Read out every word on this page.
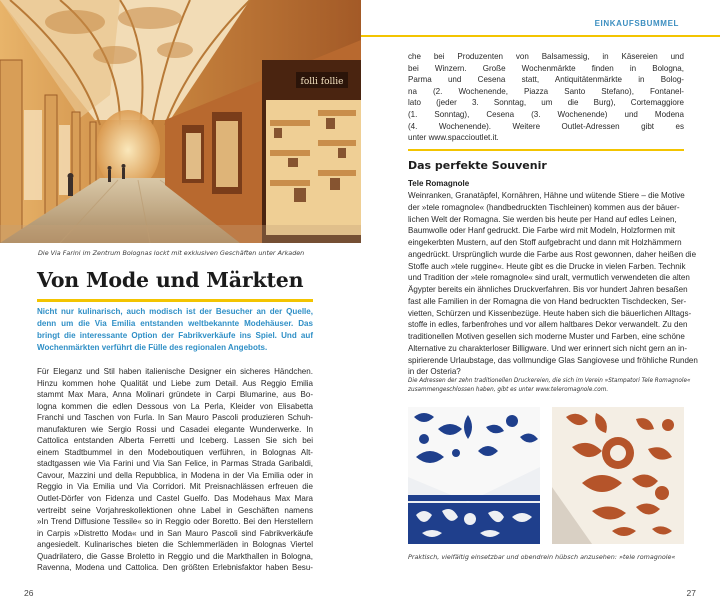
folli follie
Die Via Farini im Zentrum Bolognas lockt mit exklusiven Geschäften unter Arkaden
Von Mode und Märkten
Nicht nur kulinarisch, auch modisch ist der Besucher an der Quelle,
denn um die Via Emilia entstanden weltbekannte Modehäuser. Das
bringt die interessante Option der Fabrikverkäufe ins Spiel. Und auf
Wochenmärkten verführt die Fülle des regionalen Angebots.
Für Eleganz und Stil haben italienische Designer ein sicheres Händchen.
Hinzu kommen hohe Qualität und Liebe zum Detail. Aus Reggio Emilia
stammt Max Mara, Anna Molinari gründete in Carpi Blumarine, aus Bo-
logna kommen die edlen Dessous von La Perla, Kleider von Elisabetta
Franchi und Taschen von Furla. In San Mauro Pascoli produzieren Schuh-
manufakturen wie Sergio Rossi und Casadei elegante Wunderwerke. In
Cattolica entstanden Alberta Ferretti und Iceberg. Lassen Sie sich bei
einem Stadtbummel in den Modeboutiquen verführen, in Bolognas Alt-
stadtgassen wie Via Farini und Via San Felice, in Parmas Strada Garibaldi,
Cavour, Mazzini und della Repubblica, in Modena in der Via Emilia oder in
Reggio in Via Emilia und Via Corridori. Mit Preisnachlässen erfreuen die
Outlet-Dörfer von Fidenza und Castel Guelfo. Das Modehaus Max Mara
vertreibt seine Vorjahreskollektionen ohne Label in Geschäften namens
»In Trend Diffusione Tessile« so in Reggio oder Boretto. Bei den Herstellern
in Carpis »Distretto Moda« und in San Mauro Pascoli sind Fabrikverkäufe
angesiedelt. Kulinarisches bieten die Schlemmerläden in Bolognas Viertel
Quadrilatero, die Gasse Broletto in Reggio und die Markthallen in Bologna,
Ravenna, Modena und Cattolica. Den größten Erlebnisfaktor haben Besu-
26
EINKAUFSBUMMEL
che bei Produzenten von Balsamessig, in Käsereien und
bei Winzern. Große Wochenmärkte finden in Bologna,
Parma und Cesena statt, Antiquitätenmärkte in Bolog-
na (2. Wochenende, Piazza Santo Stefano), Fontanel-
lato (jeder 3. Sonntag, um die Burg), Cortemaggiore
(1. Sonntag), Cesena (3. Wochenende) und Modena
(4. Wochenende). Weitere Outlet-Adressen gibt es
unter www.spaccioutlet.it.
Das perfekte Souvenir
Tele Romagnole
Weinranken, Granatäpfel, Kornähren, Hähne und wütende Stiere – die Motive
der »tele romagnole« (handbedruckten Tischleinen) kommen aus der bäuer-
lichen Welt der Romagna. Sie werden bis heute per Hand auf edles Leinen,
Baumwolle oder Hanf gedruckt. Die Farbe wird mit Modeln, Holzformen mit
eingekerbten Mustern, auf den Stoff aufgebracht und dann mit Holzhämmern
angedrückt. Ursprünglich wurde die Farbe aus Rost gewonnen, daher heißen die
Stoffe auch »tele ruggine«. Heute gibt es die Drucke in vielen Farben. Technik
und Tradition der »tele romagnole« sind uralt, vermutlich verwendeten die alten
Ägypter bereits ein ähnliches Druckverfahren. Bis vor hundert Jahren besaßen
fast alle Familien in der Romagna die von Hand bedruckten Tischdecken, Ser-
vietten, Schürzen und Kissenbezüge. Heute haben sich die bäuerlichen Alltags-
stoffe in edles, farbenfrohes und vor allem haltbares Dekor verwandelt. Zu den
traditionellen Motiven gesellen sich moderne Muster und Farben, eine schöne
Alternative zu charakterloser Billigware. Und wer erinnert sich nicht gern an in-
spirierende Urlaubstage, das vollmundige Glas Sangiovese und fröhliche Runden
in der Osteria?
Die Adressen der zehn traditionellen Druckereien, die sich im Verein »Stampatori Tele Romagnole«
zusammengeschlossen haben, gibt es unter www.teleromagnole.com.
Praktisch, vielfältig einsetzbar und obendrein hübsch anzusehen: »tele romagnole«
27
